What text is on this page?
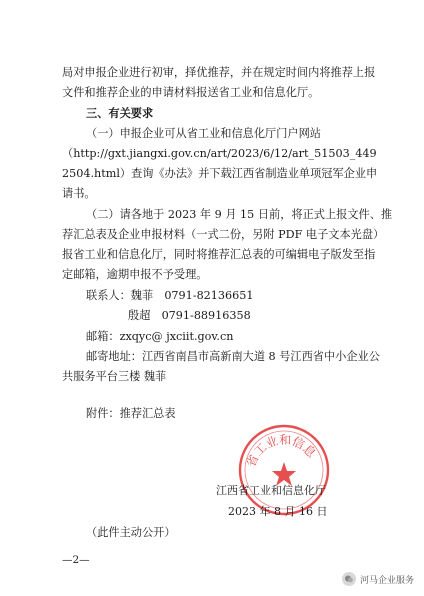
局对申报企业进行初审，择优推荐，并在规定时间内将推荐上报
文件和推荐企业的申请材料报送省工业和信息化厅。
三、有关要求
（一）申报企业可从省工业和信息化厅门户网站
（http://gxt.jiangxi.gov.cn/art/2023/6/12/art_51503_449
2504.html）查询《办法》并下载江西省制造业单项冠军企业申
请书。
（二）请各地于 2023 年 9 月 15 日前，将正式上报文件、推
荐汇总表及企业申报材料（一式二份，另附 PDF 电子文本光盘）
报省工业和信息化厅，同时将推荐汇总表的可编辑电子版发至指
定邮箱，逾期申报不予受理。
联系人：魏菲　0791-82136651
殷超　0791-88916358
邮箱：zxqyc@ jxciit.gov.cn
邮寄地址：江西省南昌市高新南大道 8 号江西省中小企业公
共服务平台三楼 魏菲
附件：推荐汇总表
省工业和信息
江西省工业和信息化厅
2023 年 8 月 16 日
（此件主动公开）
—2—
河马企业服务
